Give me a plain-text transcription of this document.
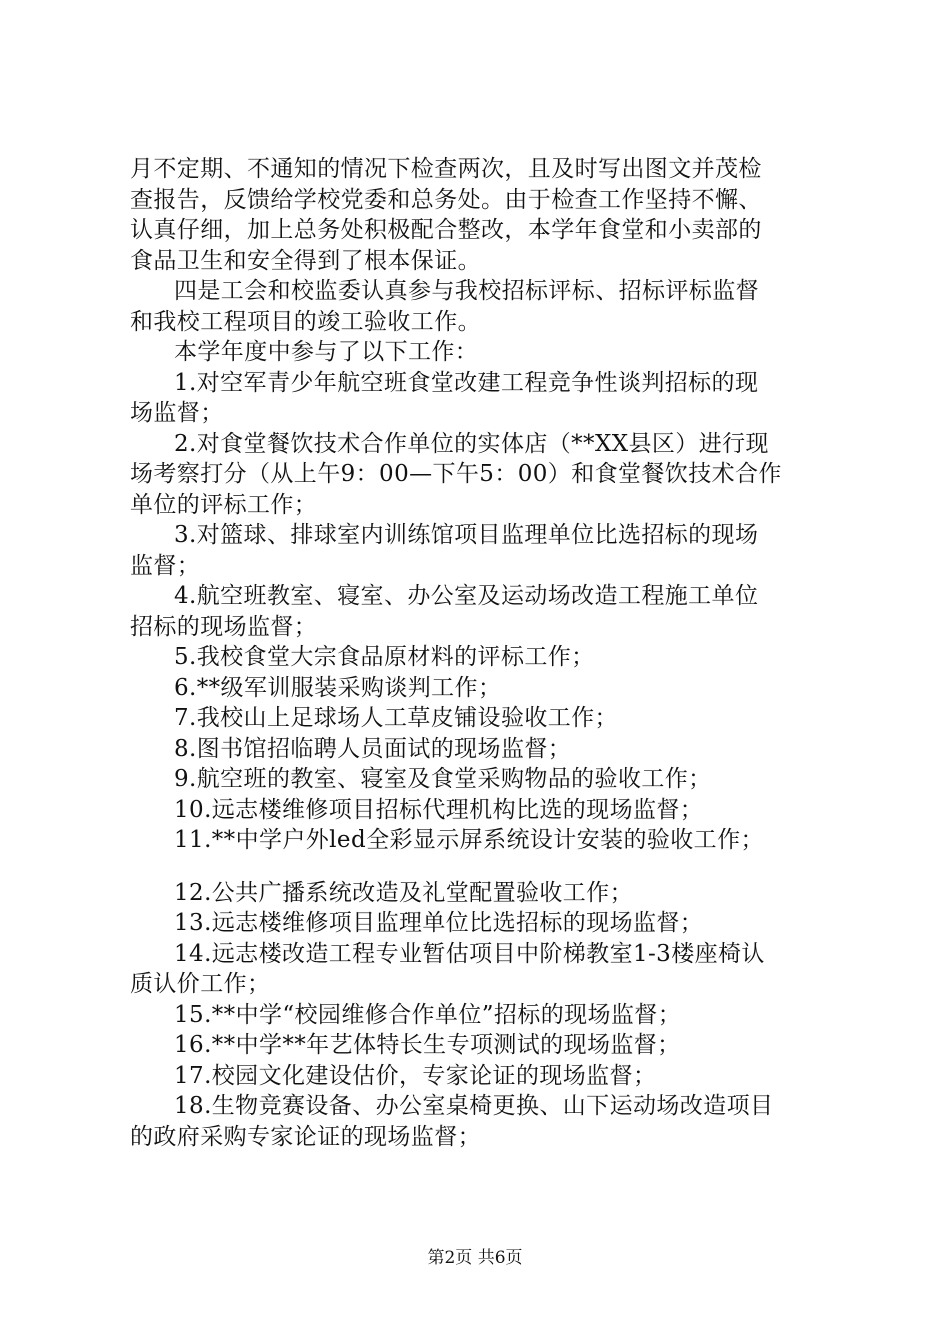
月不定期、不通知的情况下检查两次，且及时写出图文并茂检
查报告，反馈给学校党委和总务处。由于检查工作坚持不懈、
认真仔细，加上总务处积极配合整改，本学年食堂和小卖部的
食品卫生和安全得到了根本保证。
四是工会和校监委认真参与我校招标评标、招标评标监督
和我校工程项目的竣工验收工作。
本学年度中参与了以下工作：
1.对空军青少年航空班食堂改建工程竞争性谈判招标的现
场监督；
2.对食堂餐饮技术合作单位的实体店（**XX县区）进行现
场考察打分（从上午9：00—下午5：00）和食堂餐饮技术合作
单位的评标工作；
3.对篮球、排球室内训练馆项目监理单位比选招标的现场
监督；
4.航空班教室、寝室、办公室及运动场改造工程施工单位
招标的现场监督；
5.我校食堂大宗食品原材料的评标工作；
6.**级军训服装采购谈判工作；
7.我校山上足球场人工草皮铺设验收工作；
8.图书馆招临聘人员面试的现场监督；
9.航空班的教室、寝室及食堂采购物品的验收工作；
10.远志楼维修项目招标代理机构比选的现场监督；
11.**中学户外led全彩显示屏系统设计安装的验收工作；
12.公共广播系统改造及礼堂配置验收工作；
13.远志楼维修项目监理单位比选招标的现场监督；
14.远志楼改造工程专业暂估项目中阶梯教室1-3楼座椅认
质认价工作；
15.**中学“校园维修合作单位”招标的现场监督；
16.**中学**年艺体特长生专项测试的现场监督；
17.校园文化建设估价，专家论证的现场监督；
18.生物竞赛设备、办公室桌椅更换、山下运动场改造项目
的政府采购专家论证的现场监督；
第2页 共6页
